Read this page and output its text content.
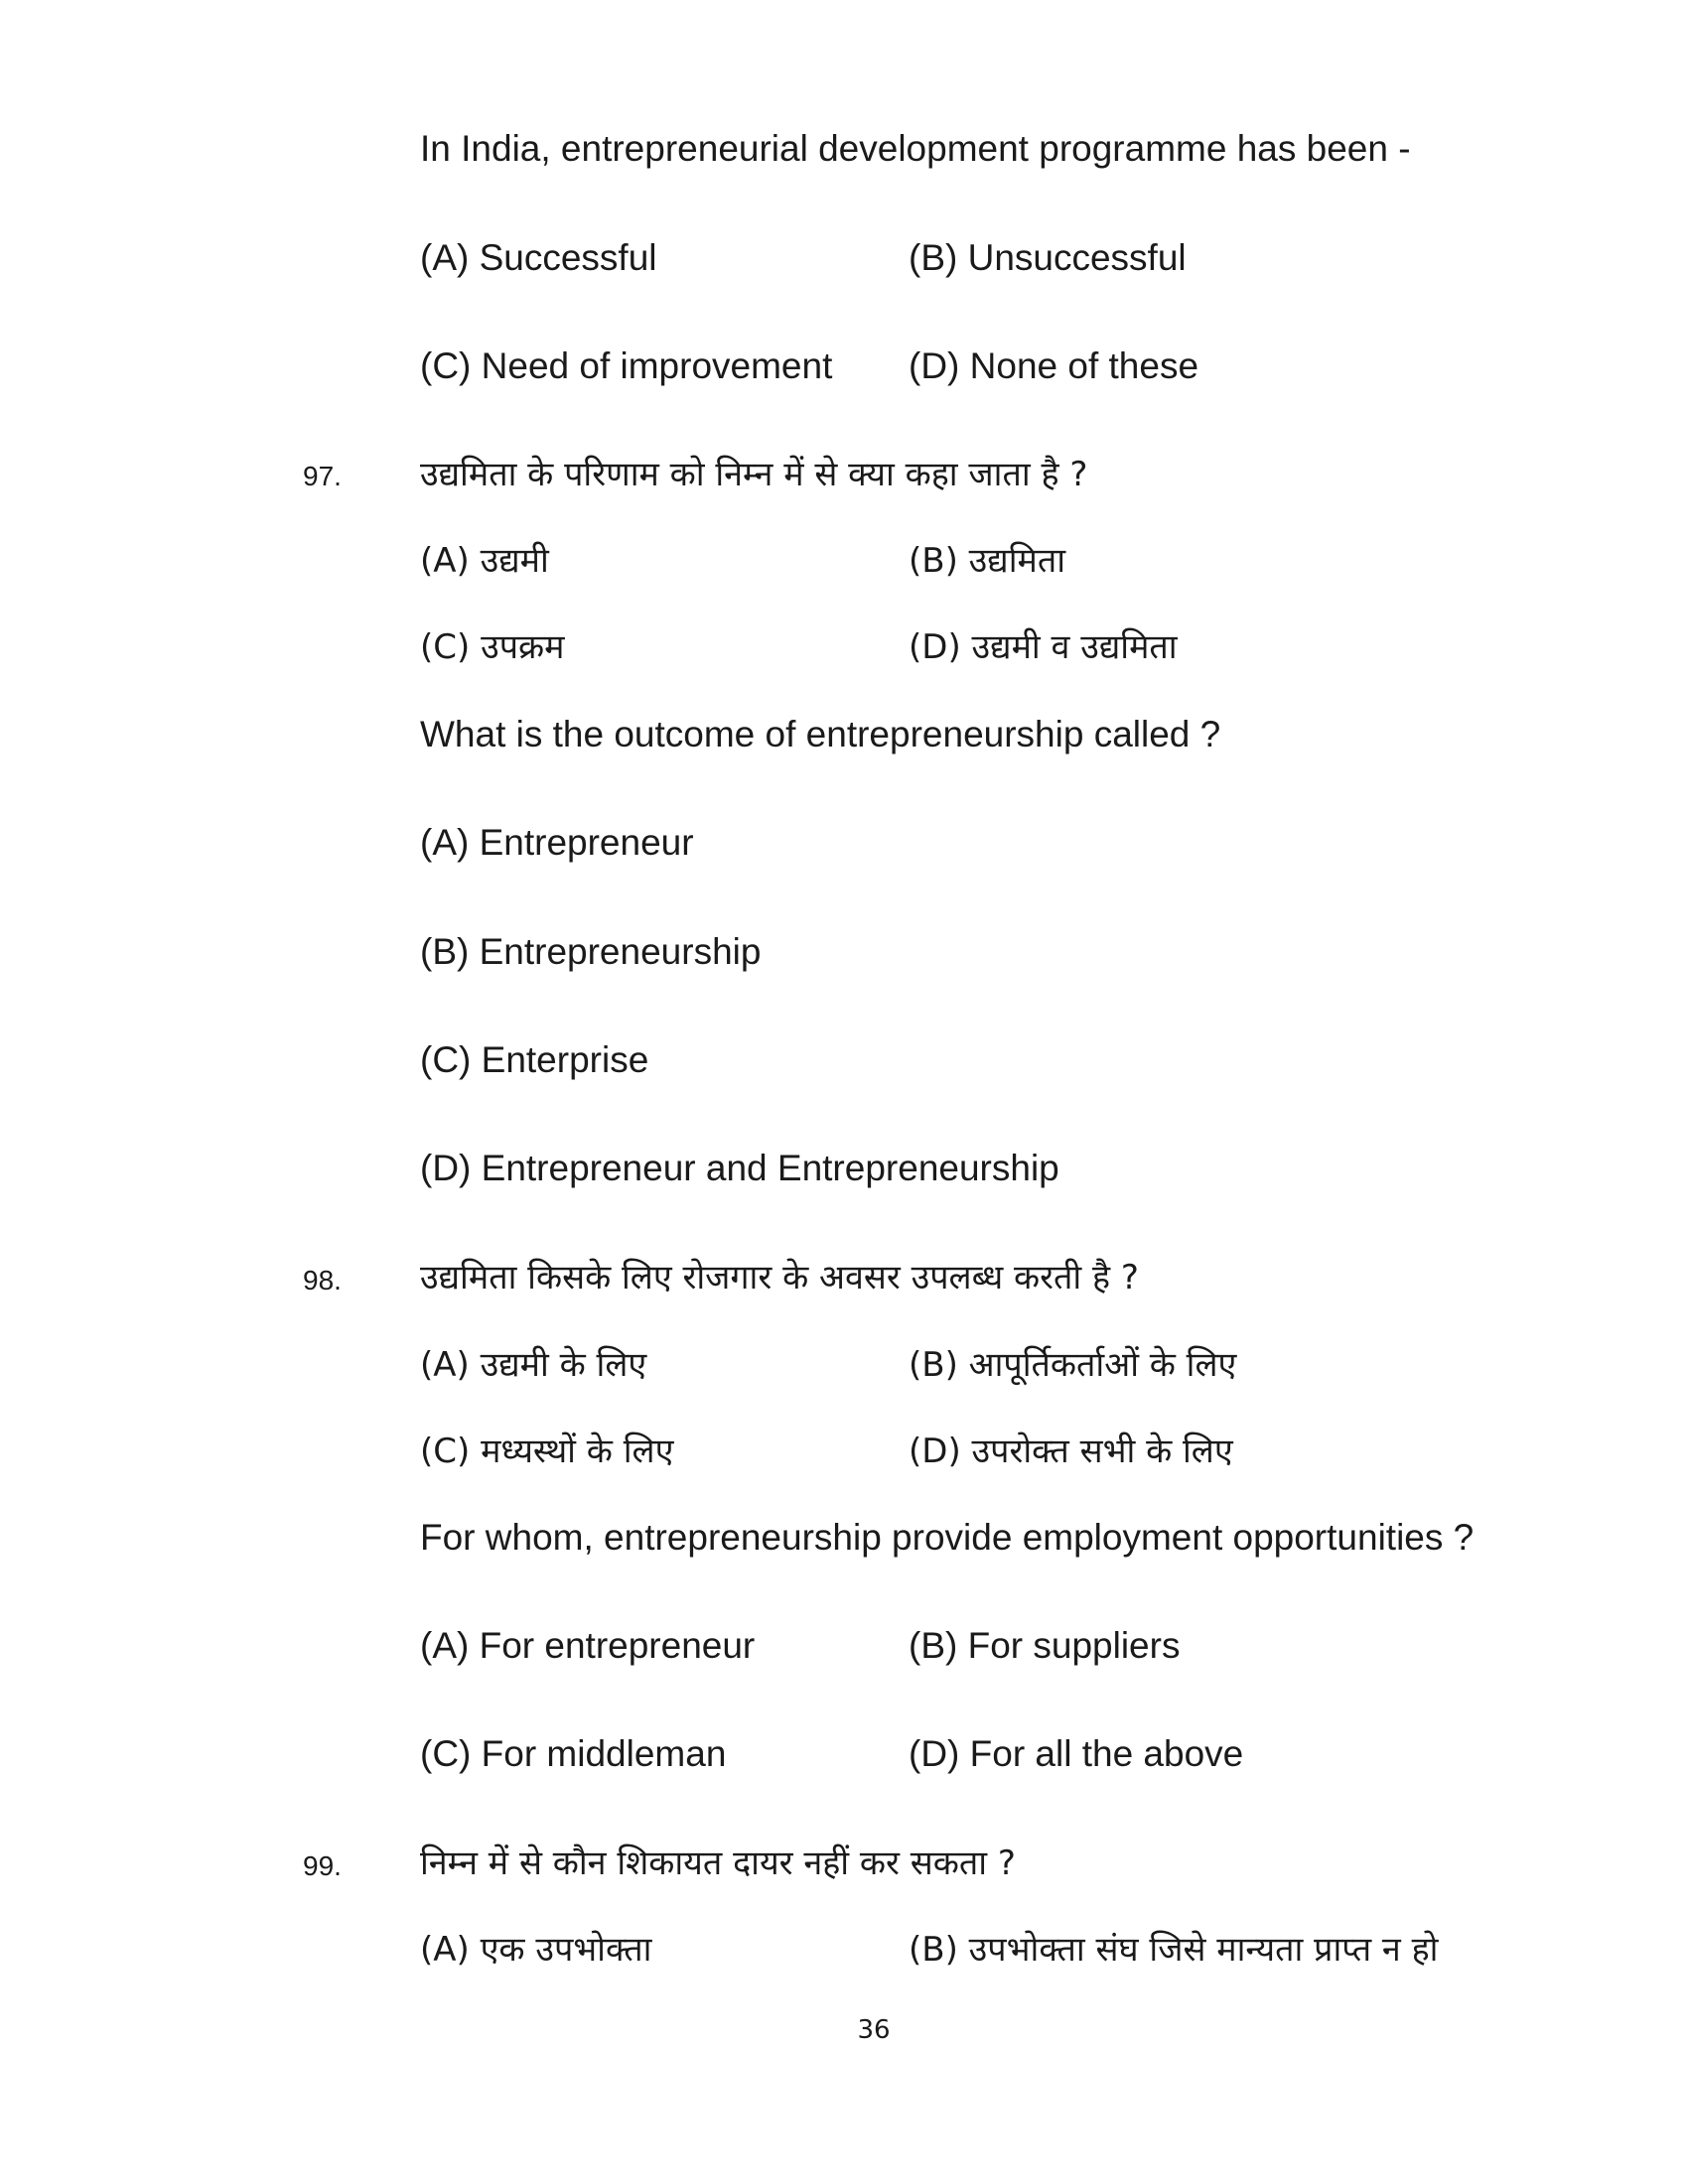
In India, entrepreneurial development programme has been -
(A) Successful	(B) Unsuccessful
(C) Need of improvement (D) None of these
97. उद्यमिता के परिणाम को निम्न में से क्या कहा जाता है ?
(A) उद्यमी	(B) उद्यमिता
(C) उपक्रम	(D) उद्यमी व उद्यमिता
What is the outcome of entrepreneurship called ?
(A) Entrepreneur
(B) Entrepreneurship
(C) Enterprise
(D) Entrepreneur and Entrepreneurship
98. उद्यमिता किसके लिए रोजगार के अवसर उपलब्ध करती है ?
(A) उद्यमी के लिए	(B) आपूर्तिकर्ताओं के लिए
(C) मध्यस्थों के लिए	(D) उपरोक्त सभी के लिए
For whom, entrepreneurship provide employment opportunities ?
(A) For entrepreneur	(B) For suppliers
(C) For middleman	(D) For all the above
99. निम्न में से कौन शिकायत दायर नहीं कर सकता ?
(A) एक उपभोक्ता	(B) उपभोक्ता संघ जिसे मान्यता प्राप्त न हो
36
